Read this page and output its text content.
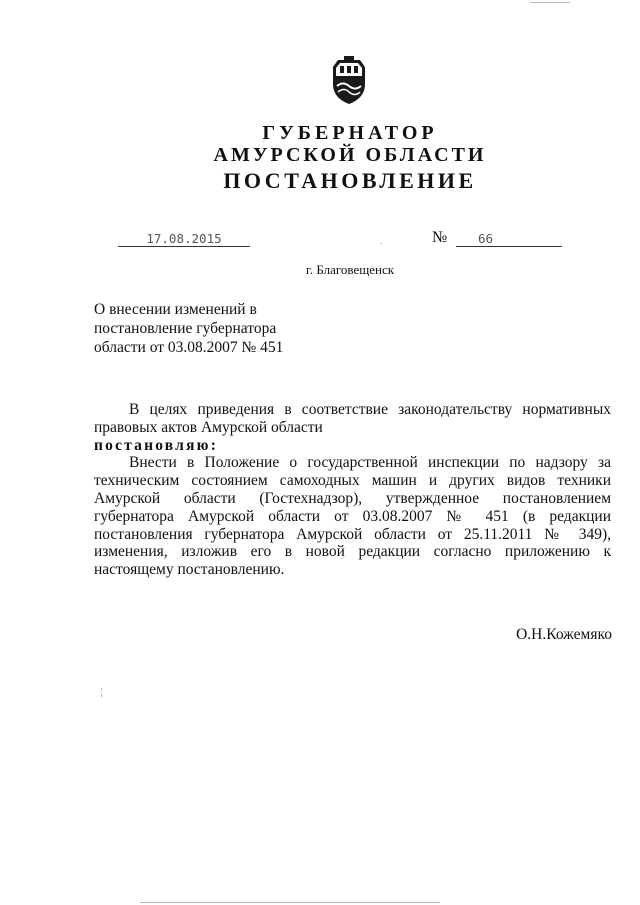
ГУБЕРНАТОР
АМУРСКОЙ ОБЛАСТИ
ПОСТАНОВЛЕНИЕ
17.08.2015	№	66
г. Благовещенск
О внесении изменений в
постановление губернатора
области от 03.08.2007 № 451

В целях приведения в соответствие законодательству нормативных правовых актов Амурской области

постановляю:

Внести в Положение о государственной инспекции по надзору за техническим состоянием самоходных машин и других видов техники Амурской области (Гостехнадзор), утвержденное постановлением губернатора Амурской области от 03.08.2007 № 451 (в редакции постановления губернатора Амурской области от 25.11.2011 № 349), изменения, изложив его в новой редакции согласно приложению к настоящему постановлению.

О.Н.Кожемяко
